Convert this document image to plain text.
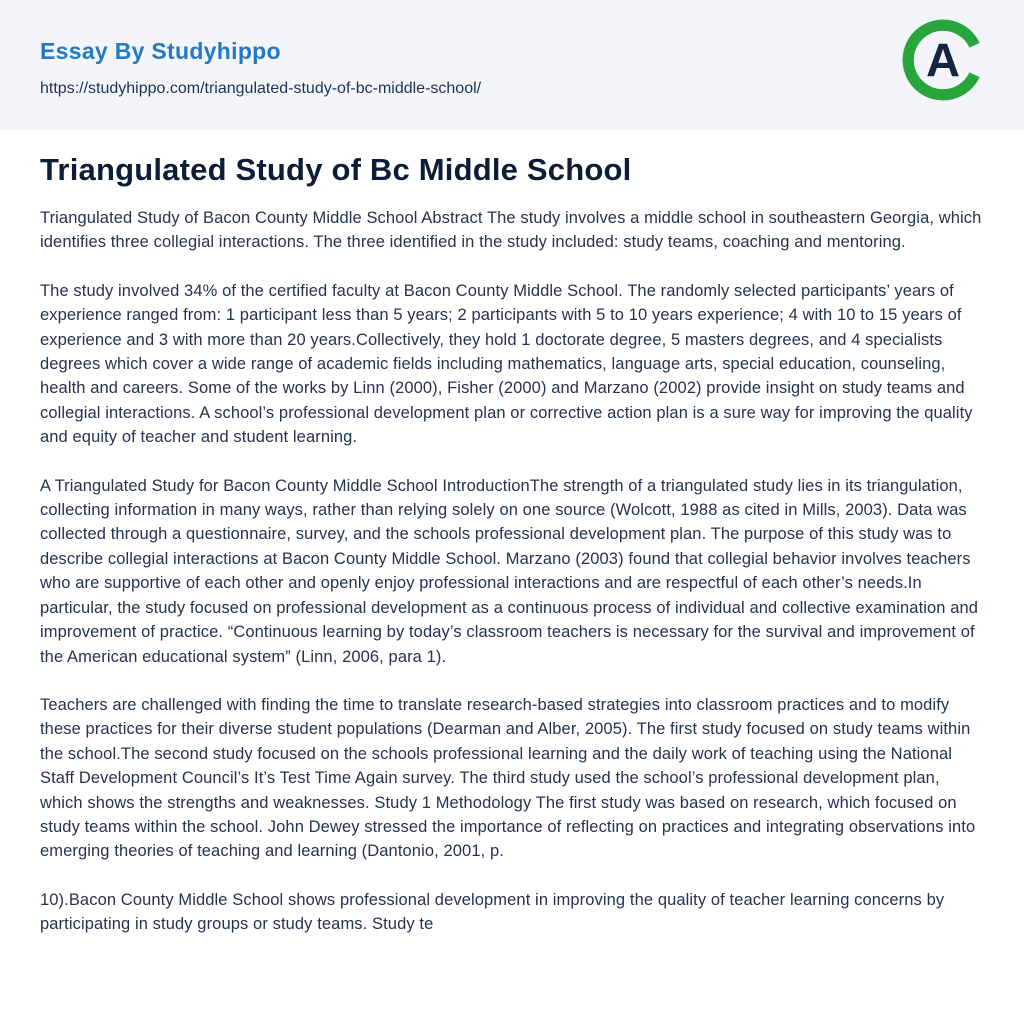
Essay By Studyhippo
https://studyhippo.com/triangulated-study-of-bc-middle-school/
A
Triangulated Study of Bc Middle School

Triangulated Study of Bacon County Middle School Abstract The study involves a middle school in southeastern Georgia, which identifies three collegial interactions. The three identified in the study included: study teams, coaching and mentoring.

The study involved 34% of the certified faculty at Bacon County Middle School. The randomly selected participants’ years of experience ranged from: 1 participant less than 5 years; 2 participants with 5 to 10 years experience; 4 with 10 to 15 years of experience and 3 with more than 20 years.Collectively, they hold 1 doctorate degree, 5 masters degrees, and 4 specialists degrees which cover a wide range of academic fields including mathematics, language arts, special education, counseling, health and careers. Some of the works by Linn (2000), Fisher (2000) and Marzano (2002) provide insight on study teams and collegial interactions. A school’s professional development plan or corrective action plan is a sure way for improving the quality and equity of teacher and student learning.

A Triangulated Study for Bacon County Middle School IntroductionThe strength of a triangulated study lies in its triangulation, collecting information in many ways, rather than relying solely on one source (Wolcott, 1988 as cited in Mills, 2003). Data was collected through a questionnaire, survey, and the schools professional development plan. The purpose of this study was to describe collegial interactions at Bacon County Middle School. Marzano (2003) found that collegial behavior involves teachers who are supportive of each other and openly enjoy professional interactions and are respectful of each other’s needs.In particular, the study focused on professional development as a continuous process of individual and collective examination and improvement of practice. “Continuous learning by today’s classroom teachers is necessary for the survival and improvement of the American educational system” (Linn, 2006, para 1).

Teachers are challenged with finding the time to translate research-based strategies into classroom practices and to modify these practices for their diverse student populations (Dearman and Alber, 2005). The first study focused on study teams within the school.The second study focused on the schools professional learning and the daily work of teaching using the National Staff Development Council’s It’s Test Time Again survey. The third study used the school’s professional development plan, which shows the strengths and weaknesses. Study 1 Methodology The first study was based on research, which focused on study teams within the school. John Dewey stressed the importance of reflecting on practices and integrating observations into emerging theories of teaching and learning (Dantonio, 2001, p.

10).Bacon County Middle School shows professional development in improving the quality of teacher learning concerns by participating in study groups or study teams. Study te
